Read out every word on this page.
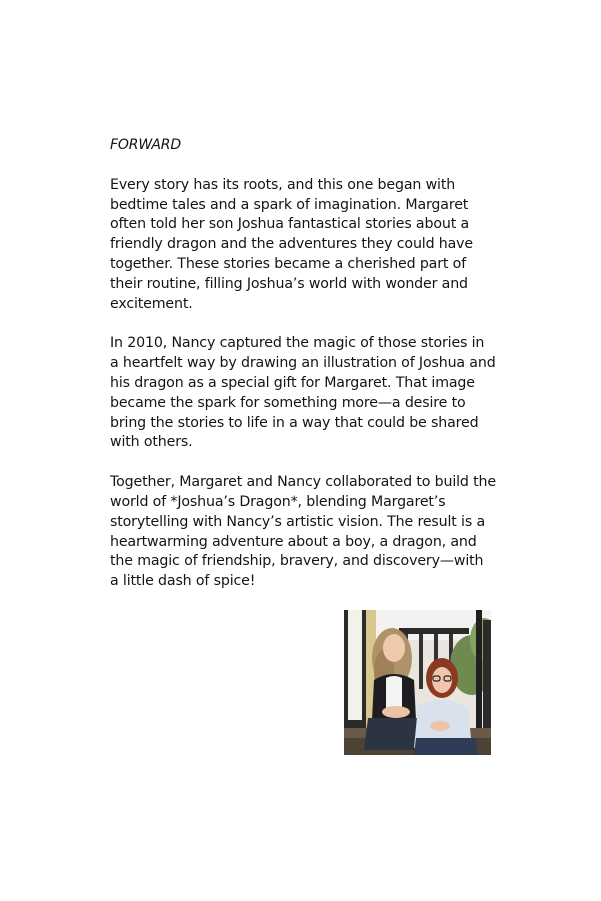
FORWARD

Every story has its roots, and this one began with bedtime tales and a spark of imagination. Margaret often told her son Joshua fantastical stories about a friendly dragon and the adventures they could have together. These stories became a cherished part of their routine, filling Joshua’s world with wonder and excitement.

In 2010, Nancy captured the magic of those stories in a heartfelt way by drawing an illustration of Joshua and his dragon as a special gift for Margaret. That image became the spark for something more—a desire to bring the stories to life in a way that could be shared with others.

Together, Margaret and Nancy collaborated to build the world of *Joshua’s Dragon*, blending Margaret’s storytelling with Nancy’s artistic vision. The result is a heartwarming adventure about a boy, a dragon, and the magic of friendship, bravery, and discovery—with a little dash of spice!
